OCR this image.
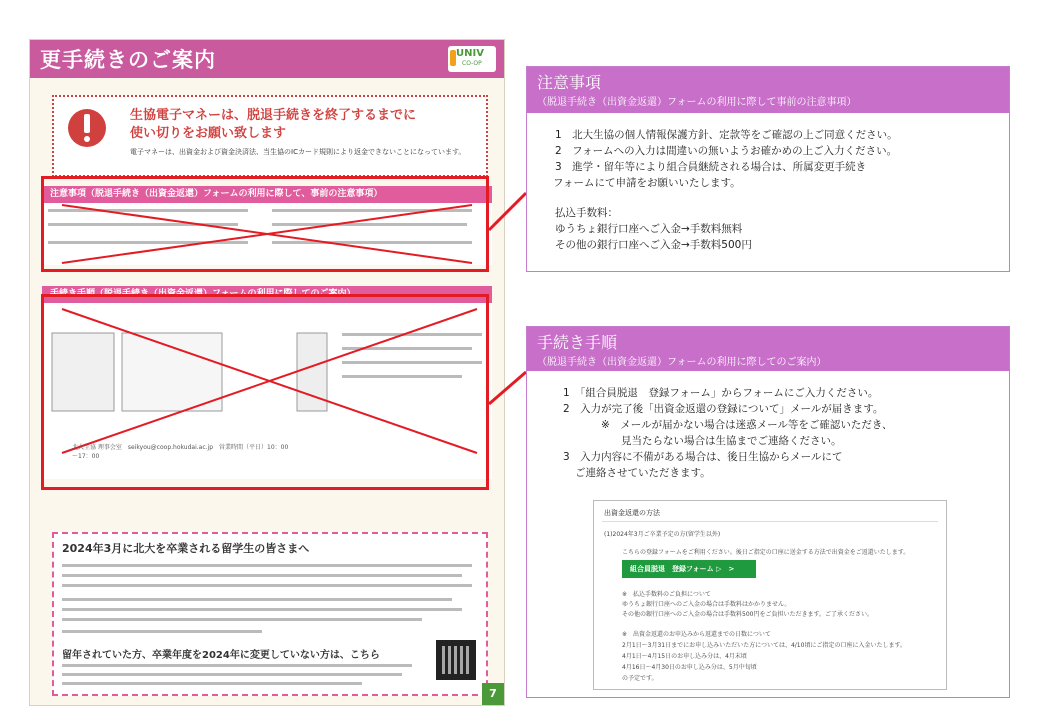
更手続きのご案内	UNIV
CO-OP
生協電子マネーは、脱退手続きを終了するまでに
使い切りをお願い致します
電子マネーは、出資金および資金決済法、当生協のICカード規則により返金できないことになっています。
注意事項（脱退手続き（出資金返還）フォームの利用に際して、事前の注意事項）
手続き手順（脱退手続き（出資金返還）フォームの利用に際してのご案内）
北大生協 理事会室　seikyou@coop.hokudai.ac.jp　営業時間（平日）10：00～17：00
2024年3月に北大を卒業される留学生の皆さまへ
留年されていた方、卒業年度を2024年に変更していない方は、こちら
7
注意事項
（脱退手続き（出資金返還）フォームの利用に際して事前の注意事項）
1　北大生協の個人情報保護方針、定款等をご確認の上ご同意ください。
2　フォームへの入力は間違いの無いようお確かめの上ご入力ください。
3　進学・留年等により組合員継続される場合は、所属変更手続き
フォームにて申請をお願いいたします。
払込手数料：
ゆうちょ銀行口座へご入金→手数料無料
その他の銀行口座へご入金→手数料500円
手続き手順
（脱退手続き（出資金返還）フォームの利用に際してのご案内）
1　「組合員脱退　登録フォーム」からフォームにご入力ください。
2　入力が完了後「出資金返還の登録について」メールが届きます。
※　メールが届かない場合は迷惑メール等をご確認いただき、
見当たらない場合は生協までご連絡ください。
3　入力内容に不備がある場合は、後日生協からメールにて
ご連絡させていただきます。
出資金返還の方法
(1)2024年3月ご卒業予定の方(留学生以外)
こちらの登録フォームをご利用ください。後日ご指定の口座に送金する方法で出資金をご返還いたします。
組合員脱退　登録フォーム ▷　>
※　払込手数料のご負担について
ゆうちょ銀行口座へのご入金の場合は手数料はかかりません。
その他の銀行口座へのご入金の場合は手数料500円をご負担いただきます。ご了承ください。
※　出資金返還のお申込みから返還までの日数について
2月1日～3月31日までにお申し込みいただいた方については、4/10頃にご指定の口座に入金いたします。
4月1日～4月15日のお申し込み分は、4月末頃
4月16日～4月30日のお申し込み分は、5月中旬頃
の予定です。
